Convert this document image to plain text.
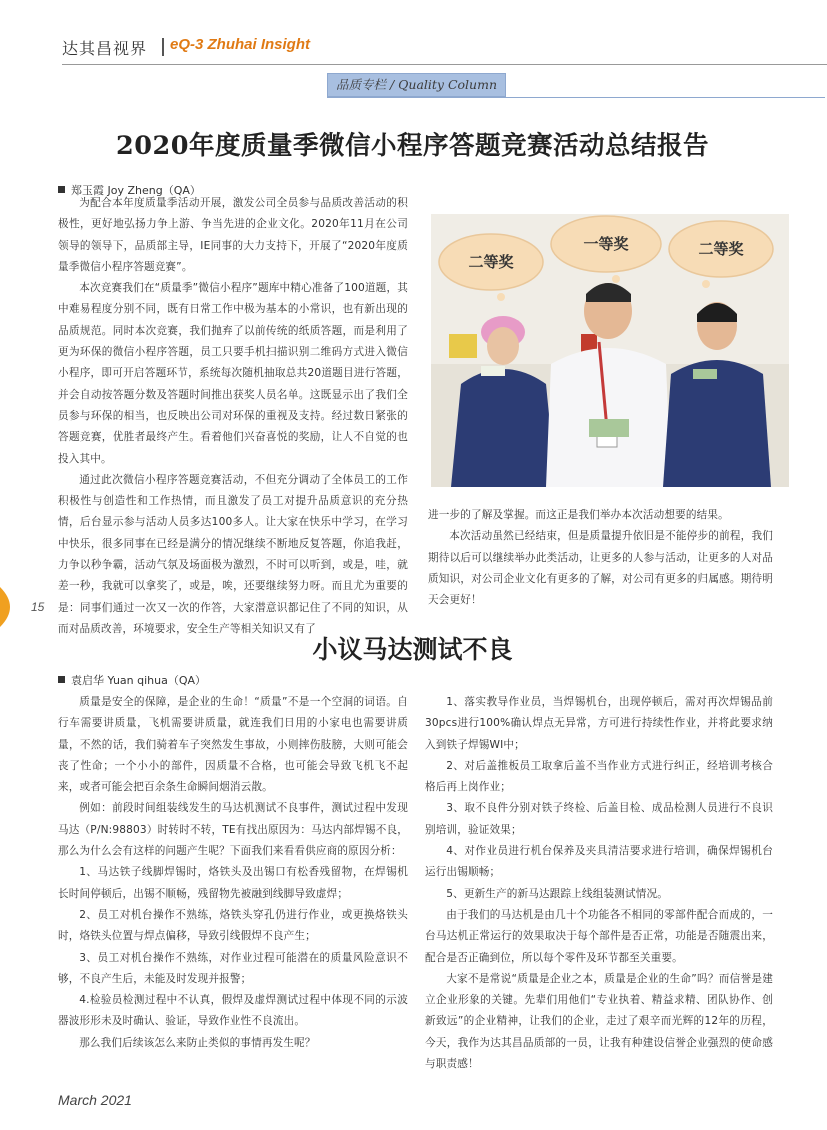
达其昌视界 eQ-3 Zhuhai Insight
品质专栏 / Quality Column
2020年度质量季微信小程序答题竞赛活动总结报告
郑玉霞 Joy Zheng（QA）

为配合本年度质量季活动开展，激发公司全员参与品质改善活动的积极性，更好地弘扬力争上游、争当先进的企业文化。2020年11月在公司领导的领导下，品质部主导，IE同事的大力支持下，开展了“2020年度质量季微信小程序答题竞赛”。

本次竞赛我们在“质量季”微信小程序”题库中精心准备了100道题，其中难易程度分别不同，既有日常工作中极为基本的小常识，也有新出现的品质规范。同时本次竞赛，我们抛弃了以前传统的纸质答题，而是利用了更为环保的微信小程序答题，员工只要手机扫描识别二维码方式进入微信小程序，即可开启答题环节，系统每次随机抽取总共20道题目进行答题，并会自动按答题分数及答题时间推出获奖人员名单。这既显示出了我们全员参与环保的相当，也反映出公司对环保的重视及支持。经过数日紧张的答题竞赛，优胜者最终产生。看着他们兴奋喜悦的奖励，让人不自觉的也投入其中。

通过此次微信小程序答题竞赛活动，不但充分调动了全体员工的工作积极性与创造性和工作热情，而且激发了员工对提升品质意识的充分热情，后台显示参与活动人员多达100多人。让大家在快乐中学习，在学习中快乐，很多同事在已经是满分的情况继续不断地反复答题，你追我赶，力争以秒争霸，活动气氛及场面极为激烈，不时可以听到，或是，哇，就差一秒，我就可以拿奖了，或是，唉，还要继续努力呀。而且尤为重要的是：同事们通过一次又一次的作答，大家潜意识都记住了不同的知识，从而对品质改善，环境要求，安全生产等相关知识又有了

二等奖
一等奖	二等奖

进一步的了解及掌握。而这正是我们举办本次活动想要的结果。

本次活动虽然已经结束，但是质量提升依旧是不能停步的前程，我们期待以后可以继续举办此类活动，让更多的人参与活动，让更多的人对品质知识，对公司企业文化有更多的了解，对公司有更多的归属感。期待明天会更好！

15
小议马达测试不良
袁启华 Yuan qihua（QA）

质量是安全的保障，是企业的生命！“质量”不是一个空洞的词语。自行车需要讲质量，飞机需要讲质量，就连我们日用的小家电也需要讲质量，不然的话，我们骑着车子突然发生事故，小则摔伤肢膀，大则可能会丧了性命；一个小小的部件，因质量不合格，也可能会导致飞机飞不起来，或者可能会把百余条生命瞬间烟消云散。

例如：前段时间组装线发生的马达机测试不良事件，测试过程中发现马达（P/N:98803）时转时不转，TE有找出原因为：马达内部焊锡不良，那么为什么会有这样的问题产生呢？下面我们来看看供应商的原因分析：

1、马达铁子线脚焊锡时，烙铁头及出锡口有松香残留物，在焊锡机长时间停顿后，出锡不顺畅，残留物先被融到线脚导致虚焊；

2、员工对机台操作不熟练，烙铁头穿孔仍进行作业，或更换烙铁头时，烙铁头位置与焊点偏移，导致引线假焊不良产生；

3、员工对机台操作不熟练，对作业过程可能潜在的质量风险意识不够，不良产生后，未能及时发现并报警；

4.检验员检测过程中不认真，假焊及虚焊测试过程中体现不同的示波器波形形未及时确认、验证，导致作业性不良流出。

那么我们后续该怎么来防止类似的事情再发生呢？

1、落实教导作业员，当焊锡机台，出现停顿后，需对再次焊锡品前30pcs进行100%确认焊点无异常，方可进行持续性作业，并将此要求纳入到铁子焊锡WI中；

2、对后盖推板员工取拿后盖不当作业方式进行纠正，经培训考核合格后再上岗作业；

3、取不良件分别对铁子终检、后盖目检、成品检测人员进行不良识别培训，验证效果；

4、对作业员进行机台保养及夹具清洁要求进行培训，确保焊锡机台运行出锡顺畅；

5、更新生产的新马达跟踪上线组装测试情况。

由于我们的马达机是由几十个功能各不相同的零部件配合而成的，一台马达机正常运行的效果取决于每个部件是否正常，功能是否随震出来，配合是否正确到位，所以每个零件及环节都至关重要。

大家不是常说“质量是企业之本，质量是企业的生命”吗？而信誉是建立企业形象的关键。先辈们用他们“专业执着、精益求精、团队协作、创新致远”的企业精神，让我们的企业，走过了艰辛而光辉的12年的历程，今天，我作为达其昌品质部的一员，让我有种建设信誉企业强烈的使命感与职责感！

March 2021
